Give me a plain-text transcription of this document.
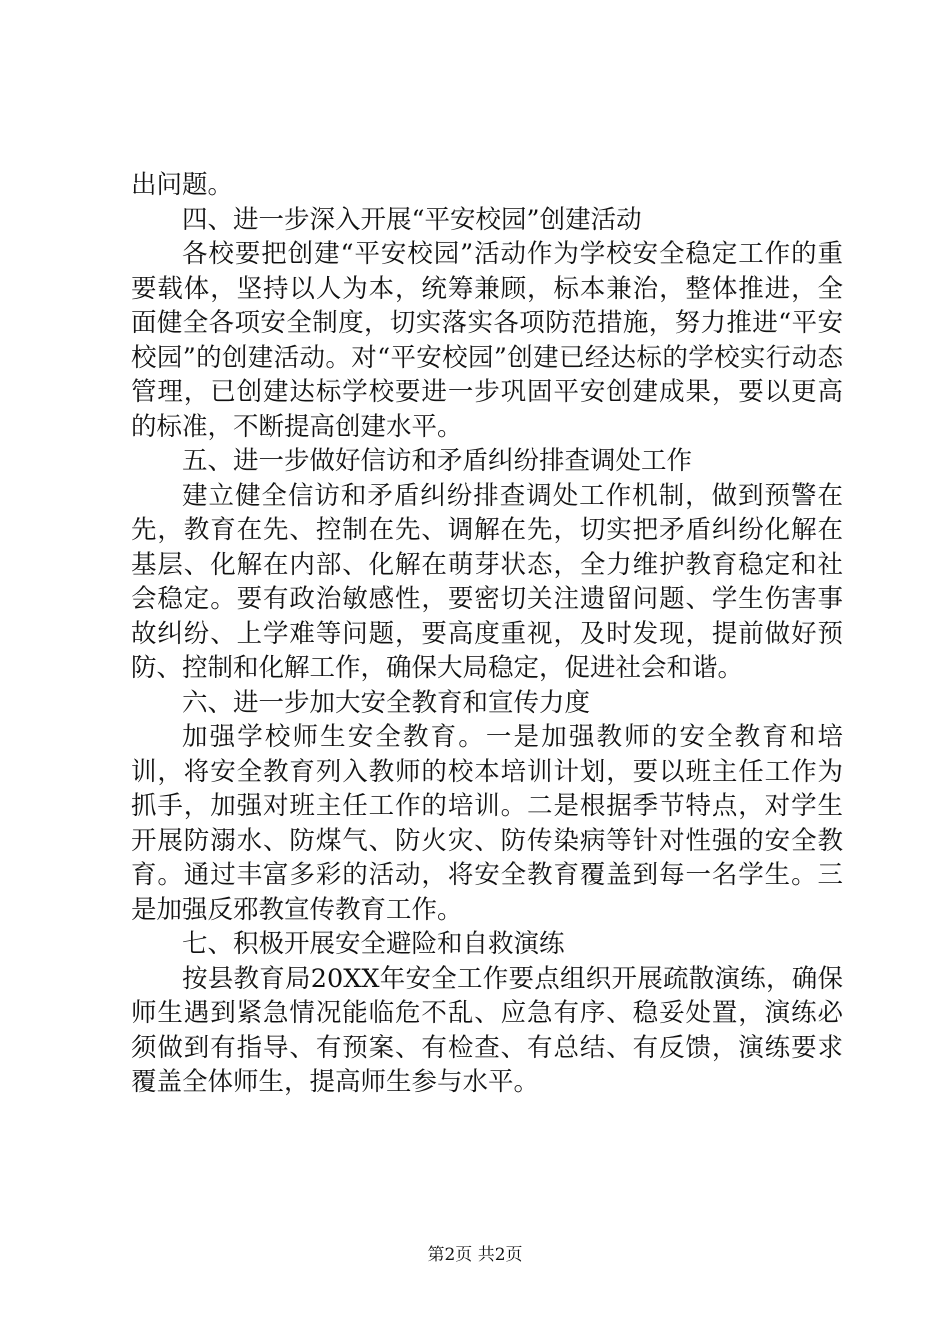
出问题。

四、进一步深入开展“平安校园”创建活动

各校要把创建“平安校园”活动作为学校安全稳定工作的重要载体，坚持以人为本，统筹兼顾，标本兼治，整体推进，全面健全各项安全制度，切实落实各项防范措施，努力推进“平安校园”的创建活动。对“平安校园”创建已经达标的学校实行动态管理，已创建达标学校要进一步巩固平安创建成果，要以更高的标准，不断提高创建水平。

五、进一步做好信访和矛盾纠纷排查调处工作

建立健全信访和矛盾纠纷排查调处工作机制，做到预警在先，教育在先、控制在先、调解在先，切实把矛盾纠纷化解在基层、化解在内部、化解在萌芽状态，全力维护教育稳定和社会稳定。要有政治敏感性，要密切关注遗留问题、学生伤害事故纠纷、上学难等问题，要高度重视，及时发现，提前做好预防、控制和化解工作，确保大局稳定，促进社会和谐。

六、进一步加大安全教育和宣传力度

加强学校师生安全教育。一是加强教师的安全教育和培训，将安全教育列入教师的校本培训计划，要以班主任工作为抓手，加强对班主任工作的培训。二是根据季节特点，对学生开展防溺水、防煤气、防火灾、防传染病等针对性强的安全教育。通过丰富多彩的活动，将安全教育覆盖到每一名学生。三是加强反邪教宣传教育工作。

七、积极开展安全避险和自救演练

按县教育局20XX年安全工作要点组织开展疏散演练，确保师生遇到紧急情况能临危不乱、应急有序、稳妥处置，演练必须做到有指导、有预案、有检查、有总结、有反馈，演练要求覆盖全体师生，提高师生参与水平。

第2页 共2页
